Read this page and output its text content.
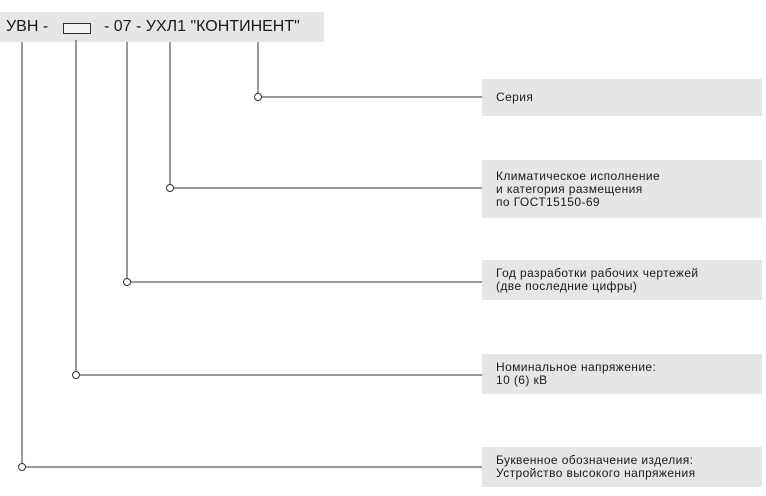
УВН -	- 07 - УХЛ1 "КОНТИНЕНТ"
Серия
Климатическое исполнение
и категория размещения
по ГОСТ15150-69
Год разработки рабочих чертежей
(две последние цифры)
Номинальное напряжение:
10 (6) кВ
Буквенное обозначение изделия:
Устройство высокого напряжения
